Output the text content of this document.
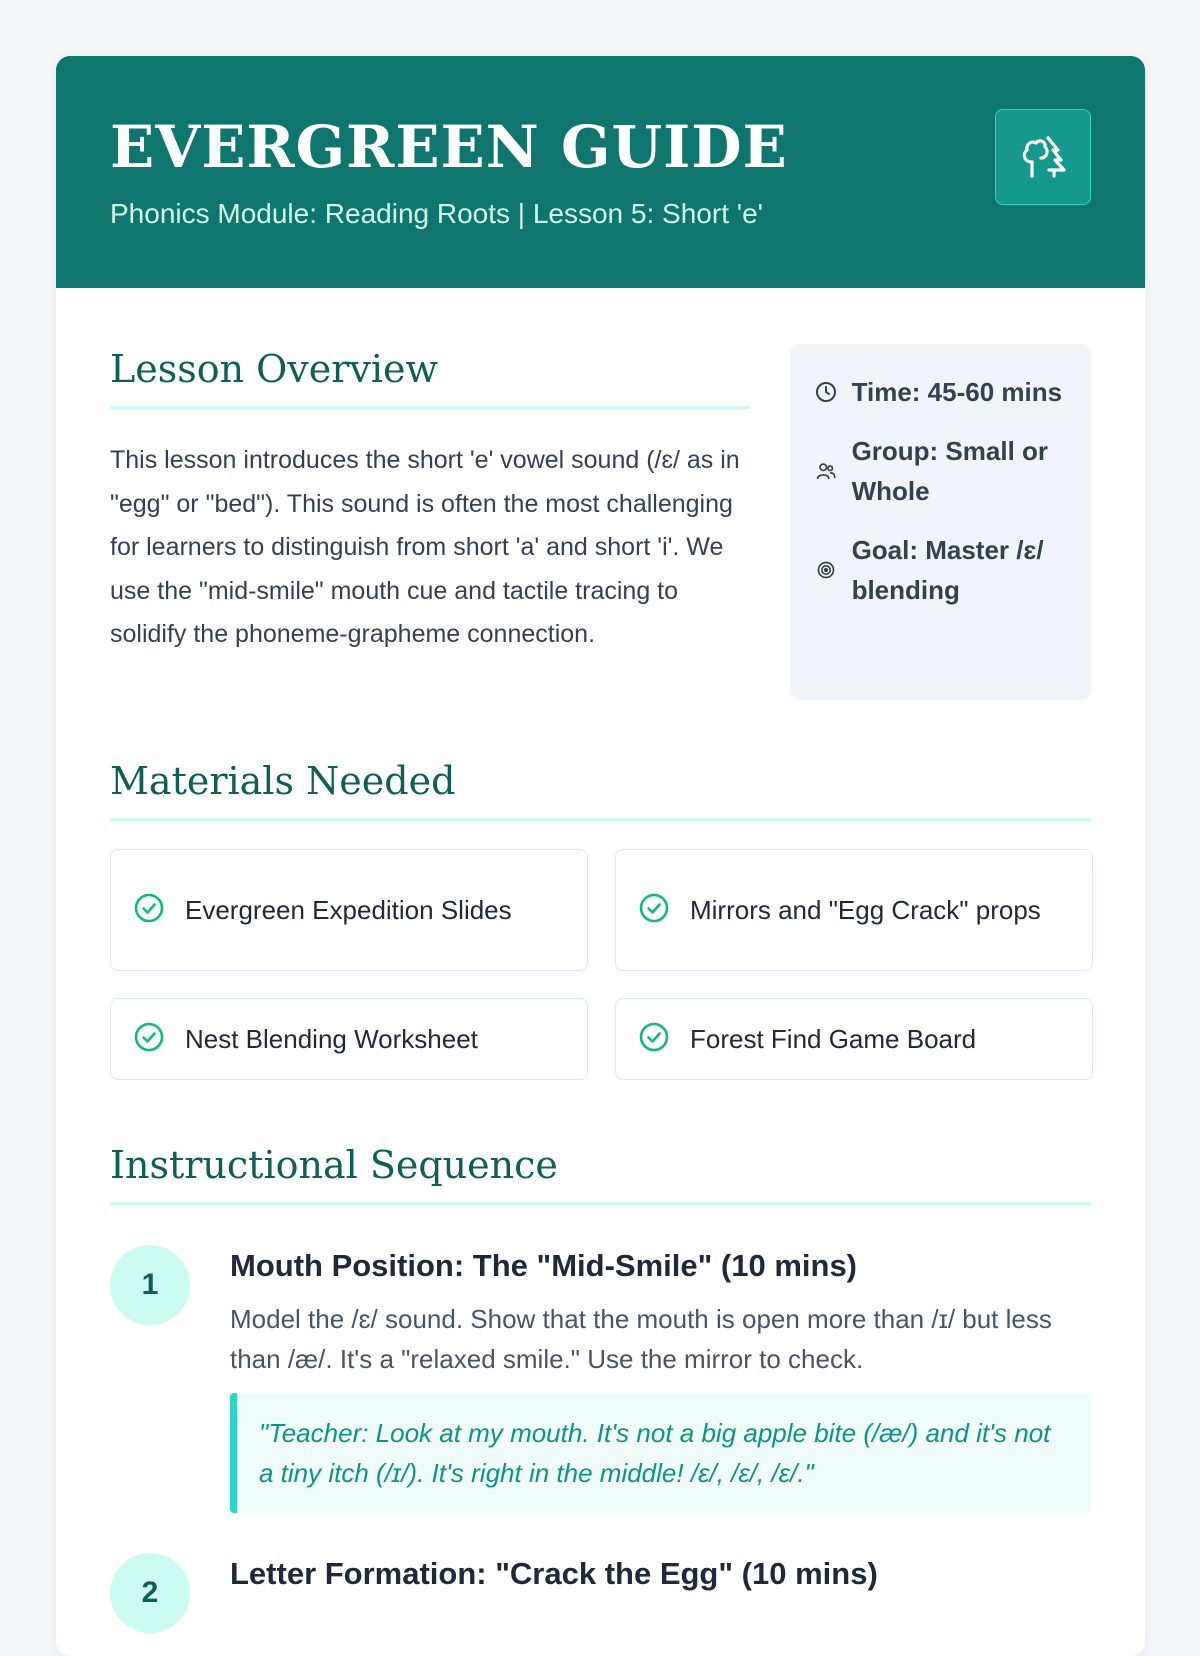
EVERGREEN GUIDE
Phonics Module: Reading Roots | Lesson 5: Short 'e'
Lesson Overview
This lesson introduces the short 'e' vowel sound (/ɛ/ as in "egg" or "bed"). This sound is often the most challenging for learners to distinguish from short 'a' and short 'i'. We use the "mid-smile" mouth cue and tactile tracing to solidify the phoneme-grapheme connection.
Time: 45-60 mins
Group: Small or Whole
Goal: Master /ɛ/ blending
Materials Needed
Evergreen Expedition Slides	Mirrors and "Egg Crack" props
Nest Blending Worksheet	Forest Find Game Board
Instructional Sequence
1
Mouth Position: The "Mid-Smile" (10 mins)
Model the /ɛ/ sound. Show that the mouth is open more than /ɪ/ but less than /æ/. It's a "relaxed smile." Use the mirror to check.
"Teacher: Look at my mouth. It's not a big apple bite (/æ/) and it's not a tiny itch (/ɪ/). It's right in the middle! /ɛ/, /ɛ/, /ɛ/."
2
Letter Formation: "Crack the Egg" (10 mins)
